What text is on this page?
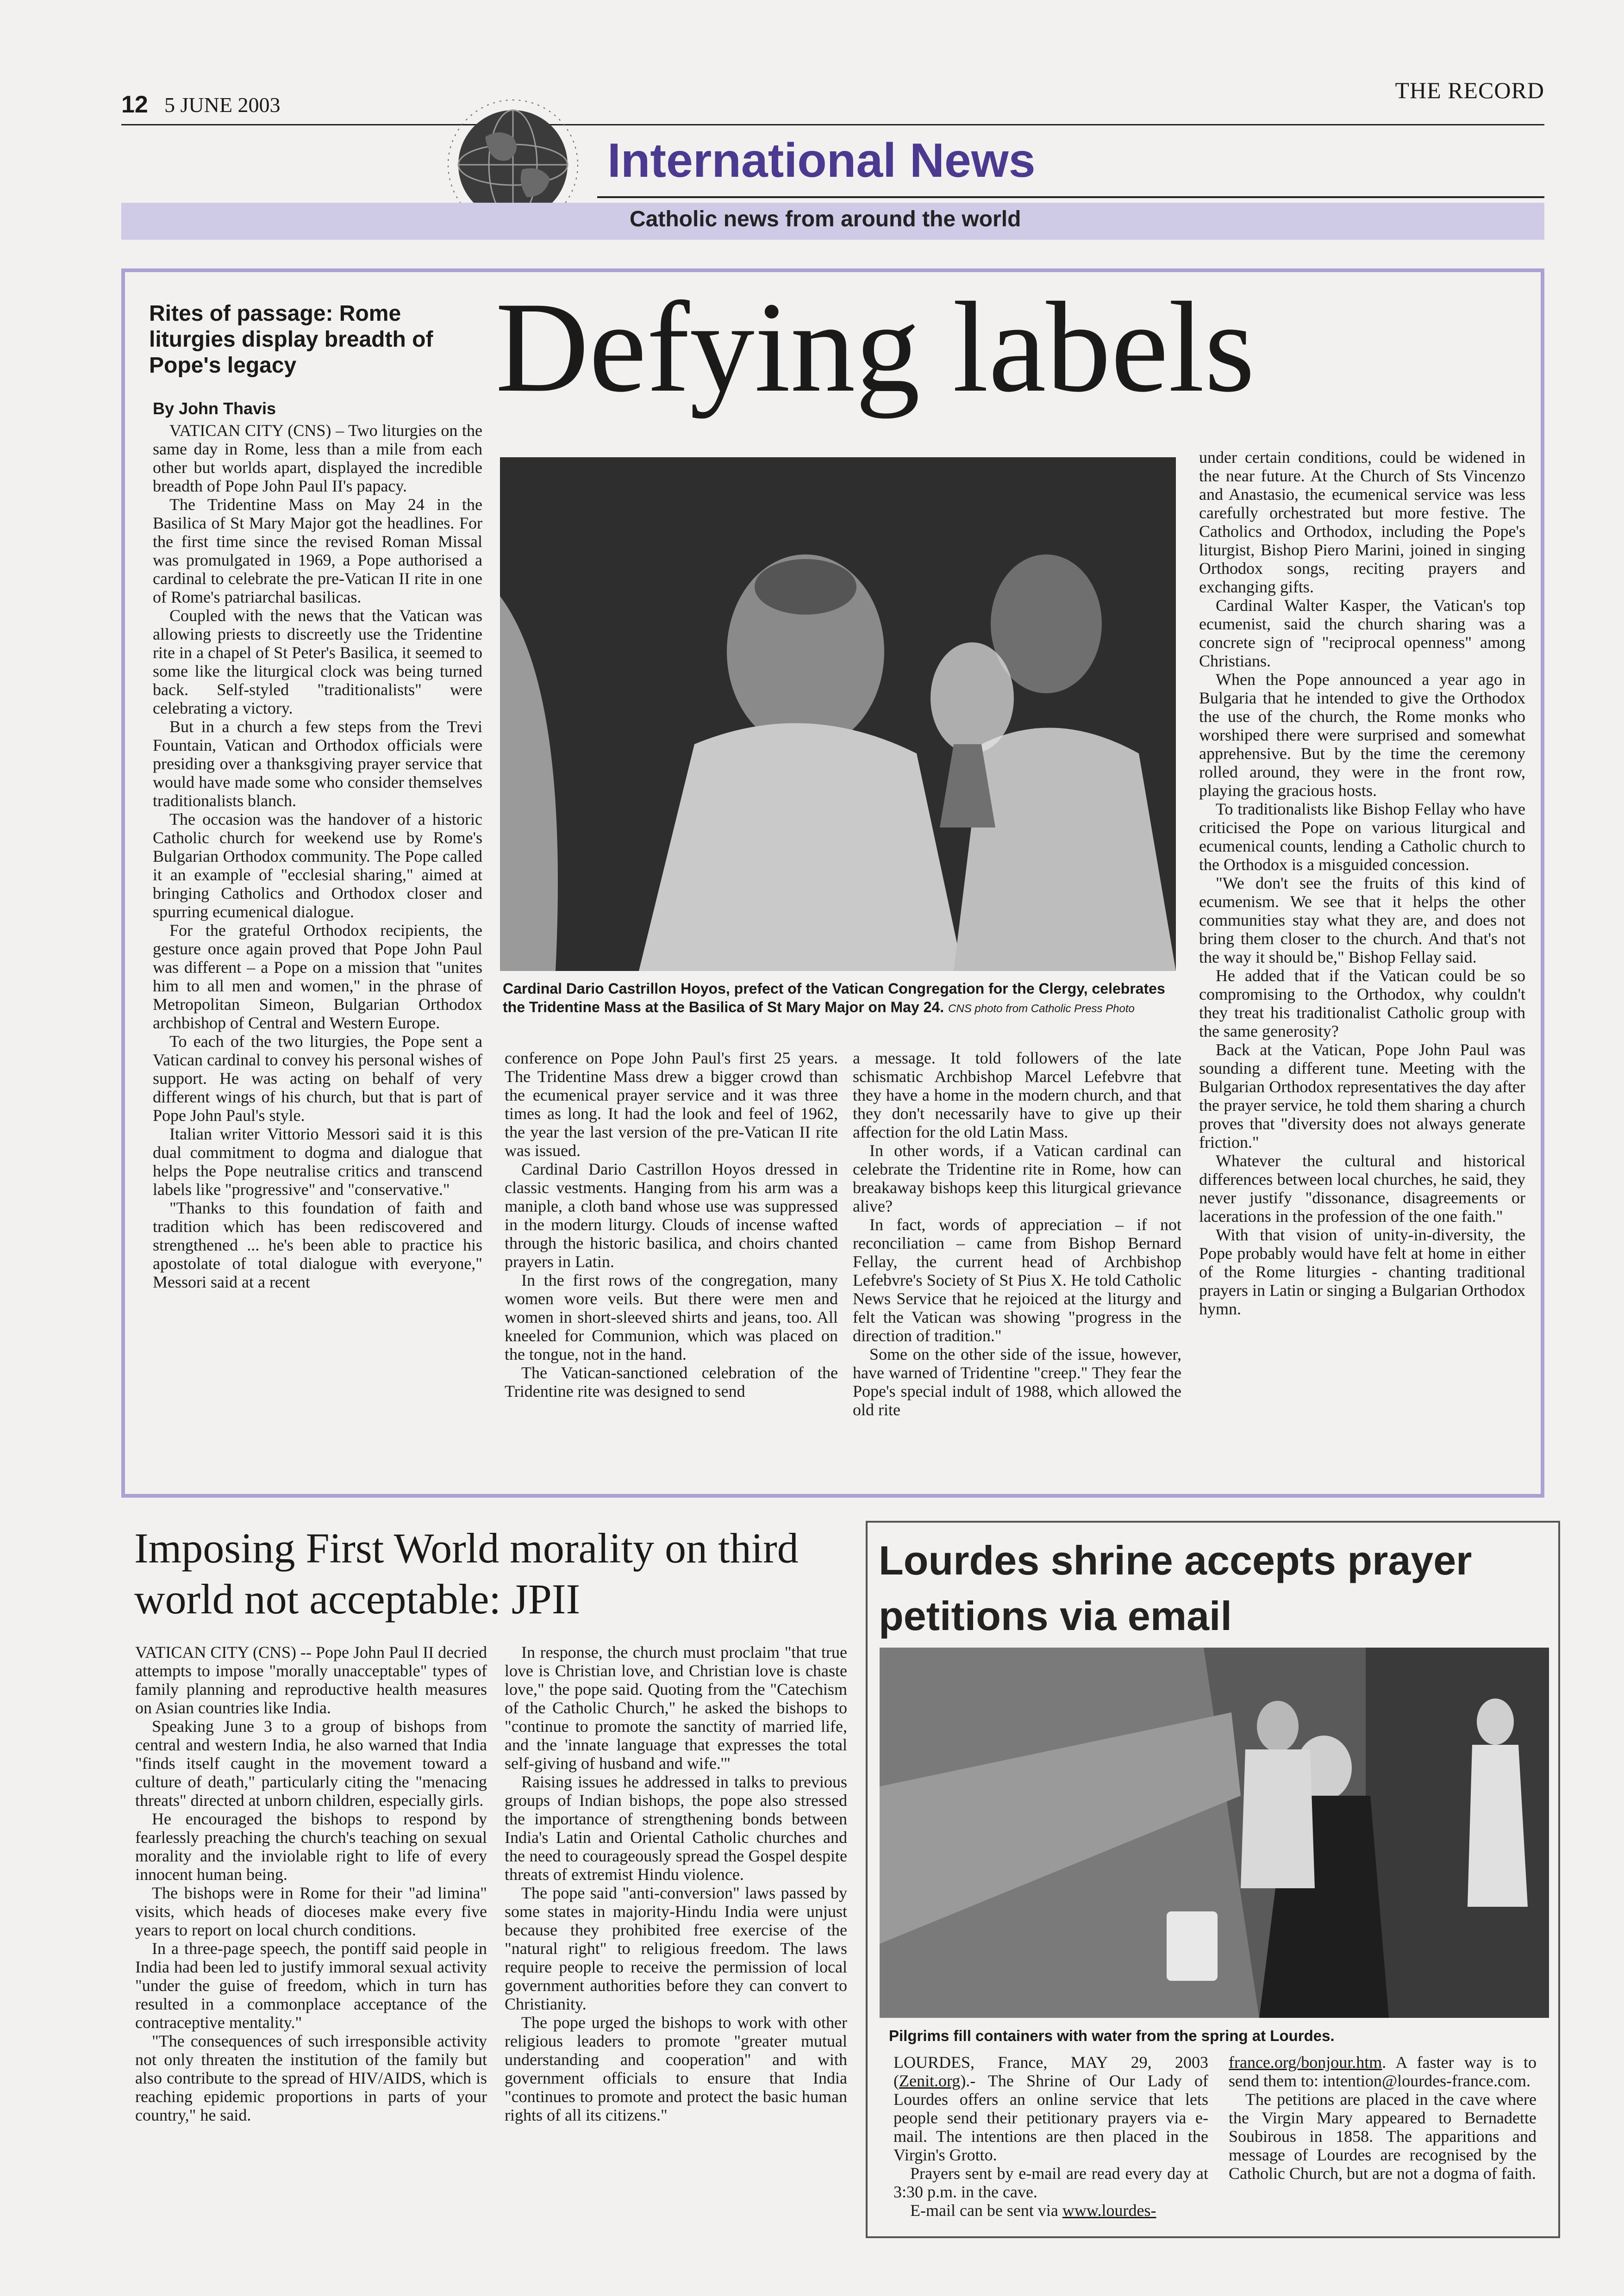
12 5 JUNE 2003
THE RECORD
International News
Catholic news from around the world
Rites of passage: Rome liturgies display breadth of Pope's legacy
By John Thavis Defying labels

VATICAN CITY (CNS) – Two liturgies on the same day in Rome, less than a mile from each other but worlds apart, displayed the incredible breadth of Pope John Paul II's papacy.

The Tridentine Mass on May 24 in the Basilica of St Mary Major got the headlines. For the first time since the revised Roman Missal was promulgated in 1969, a Pope authorised a cardinal to celebrate the pre-Vatican II rite in one of Rome's patriarchal basilicas.

Coupled with the news that the Vatican was allowing priests to discreetly use the Tridentine rite in a chapel of St Peter's Basilica, it seemed to some like the liturgical clock was being turned back. Self-styled "traditionalists" were celebrating a victory.

But in a church a few steps from the Trevi Fountain, Vatican and Orthodox officials were presiding over a thanksgiving prayer service that would have made some who consider themselves traditionalists blanch.

The occasion was the handover of a historic Catholic church for weekend use by Rome's Bulgarian Orthodox community. The Pope called it an example of "ecclesial sharing," aimed at bringing Catholics and Orthodox closer and spurring ecumenical dialogue.

For the grateful Orthodox recipients, the gesture once again proved that Pope John Paul was different – a Pope on a mission that "unites him to all men and women," in the phrase of Metropolitan Simeon, Bulgarian Orthodox archbishop of Central and Western Europe.

To each of the two liturgies, the Pope sent a Vatican cardinal to convey his personal wishes of support. He was acting on behalf of very different wings of his church, but that is part of Pope John Paul's style.

Italian writer Vittorio Messori said it is this dual commitment to dogma and dialogue that helps the Pope neutralise critics and transcend labels like "progressive" and "conservative."

"Thanks to this foundation of faith and tradition which has been rediscovered and strengthened ... he's been able to practice his apostolate of total dialogue with everyone," Messori said at a recent

Cardinal Dario Castrillon Hoyos, prefect of the Vatican Congregation for the Clergy, celebrates the Tridentine Mass at the Basilica of St Mary Major on May 24. CNS photo from Catholic Press Photo

conference on Pope John Paul's first 25 years. The Tridentine Mass drew a bigger crowd than the ecumenical prayer service and it was three times as long. It had the look and feel of 1962, the year the last version of the pre-Vatican II rite was issued.

Cardinal Dario Castrillon Hoyos dressed in classic vestments. Hanging from his arm was a maniple, a cloth band whose use was suppressed in the modern liturgy. Clouds of incense wafted through the historic basilica, and choirs chanted prayers in Latin.

In the first rows of the congregation, many women wore veils. But there were men and women in short-sleeved shirts and jeans, too. All kneeled for Communion, which was placed on the tongue, not in the hand.

The Vatican-sanctioned celebration of the Tridentine rite was designed to send

a message. It told followers of the late schismatic Archbishop Marcel Lefebvre that they have a home in the modern church, and that they don't necessarily have to give up their affection for the old Latin Mass.

In other words, if a Vatican cardinal can celebrate the Tridentine rite in Rome, how can breakaway bishops keep this liturgical grievance alive?

In fact, words of appreciation – if not reconciliation – came from Bishop Bernard Fellay, the current head of Archbishop Lefebvre's Society of St Pius X. He told Catholic News Service that he rejoiced at the liturgy and felt the Vatican was showing "progress in the direction of tradition."

Some on the other side of the issue, however, have warned of Tridentine "creep." They fear the Pope's special indult of 1988, which allowed the old rite

under certain conditions, could be widened in the near future. At the Church of Sts Vincenzo and Anastasio, the ecumenical service was less carefully orchestrated but more festive. The Catholics and Orthodox, including the Pope's liturgist, Bishop Piero Marini, joined in singing Orthodox songs, reciting prayers and exchanging gifts.

Cardinal Walter Kasper, the Vatican's top ecumenist, said the church sharing was a concrete sign of "reciprocal openness" among Christians.

When the Pope announced a year ago in Bulgaria that he intended to give the Orthodox the use of the church, the Rome monks who worshiped there were surprised and somewhat apprehensive. But by the time the ceremony rolled around, they were in the front row, playing the gracious hosts.

To traditionalists like Bishop Fellay who have criticised the Pope on various liturgical and ecumenical counts, lending a Catholic church to the Orthodox is a misguided concession.

"We don't see the fruits of this kind of ecumenism. We see that it helps the other communities stay what they are, and does not bring them closer to the church. And that's not the way it should be," Bishop Fellay said.

He added that if the Vatican could be so compromising to the Orthodox, why couldn't they treat his traditionalist Catholic group with the same generosity?

Back at the Vatican, Pope John Paul was sounding a different tune. Meeting with the Bulgarian Orthodox representatives the day after the prayer service, he told them sharing a church proves that "diversity does not always generate friction."

Whatever the cultural and historical differences between local churches, he said, they never justify "dissonance, disagreements or lacerations in the profession of the one faith."

With that vision of unity-in-diversity, the Pope probably would have felt at home in either of the Rome liturgies - chanting traditional prayers in Latin or singing a Bulgarian Orthodox hymn.

Imposing First World morality on third world not acceptable: JPII

VATICAN CITY (CNS) -- Pope John Paul II decried attempts to impose "morally unacceptable" types of family planning and reproductive health measures on Asian countries like India.

Speaking June 3 to a group of bishops from central and western India, he also warned that India "finds itself caught in the movement toward a culture of death," particularly citing the "menacing threats" directed at unborn children, especially girls.

He encouraged the bishops to respond by fearlessly preaching the church's teaching on sexual morality and the inviolable right to life of every innocent human being.

The bishops were in Rome for their "ad limina" visits, which heads of dioceses make every five years to report on local church conditions.

In a three-page speech, the pontiff said people in India had been led to justify immoral sexual activity "under the guise of freedom, which in turn has resulted in a commonplace acceptance of the contraceptive mentality."

"The consequences of such irresponsible activity not only threaten the institution of the family but also contribute to the spread of HIV/AIDS, which is reaching epidemic proportions in parts of your country," he said.

In response, the church must proclaim "that true love is Christian love, and Christian love is chaste love," the pope said. Quoting from the "Catechism of the Catholic Church," he asked the bishops to "continue to promote the sanctity of married life, and the 'innate language that expresses the total self-giving of husband and wife.'"

Raising issues he addressed in talks to previous groups of Indian bishops, the pope also stressed the importance of strengthening bonds between India's Latin and Oriental Catholic churches and the need to courageously spread the Gospel despite threats of extremist Hindu violence.

The pope said "anti-conversion" laws passed by some states in majority-Hindu India were unjust because they prohibited free exercise of the "natural right" to religious freedom. The laws require people to receive the permission of local government authorities before they can convert to Christianity.

The pope urged the bishops to work with other religious leaders to promote "greater mutual understanding and cooperation" and with government officials to ensure that India "continues to promote and protect the basic human rights of all its citizens."

Lourdes shrine accepts prayer petitions via email
Pilgrims fill containers with water from the spring at Lourdes.

LOURDES, France, MAY 29, 2003 (Zenit.org).- The Shrine of Our Lady of Lourdes offers an online service that lets people send their petitionary prayers via e-mail. The intentions are then placed in the Virgin's Grotto.

Prayers sent by e-mail are read every day at 3:30 p.m. in the cave.

E-mail can be sent via www.lourdes-

france.org/bonjour.htm. A faster way is to send them to: intention@lourdes-france.com.

The petitions are placed in the cave where the Virgin Mary appeared to Bernadette Soubirous in 1858. The apparitions and message of Lourdes are recognised by the Catholic Church, but are not a dogma of faith.
